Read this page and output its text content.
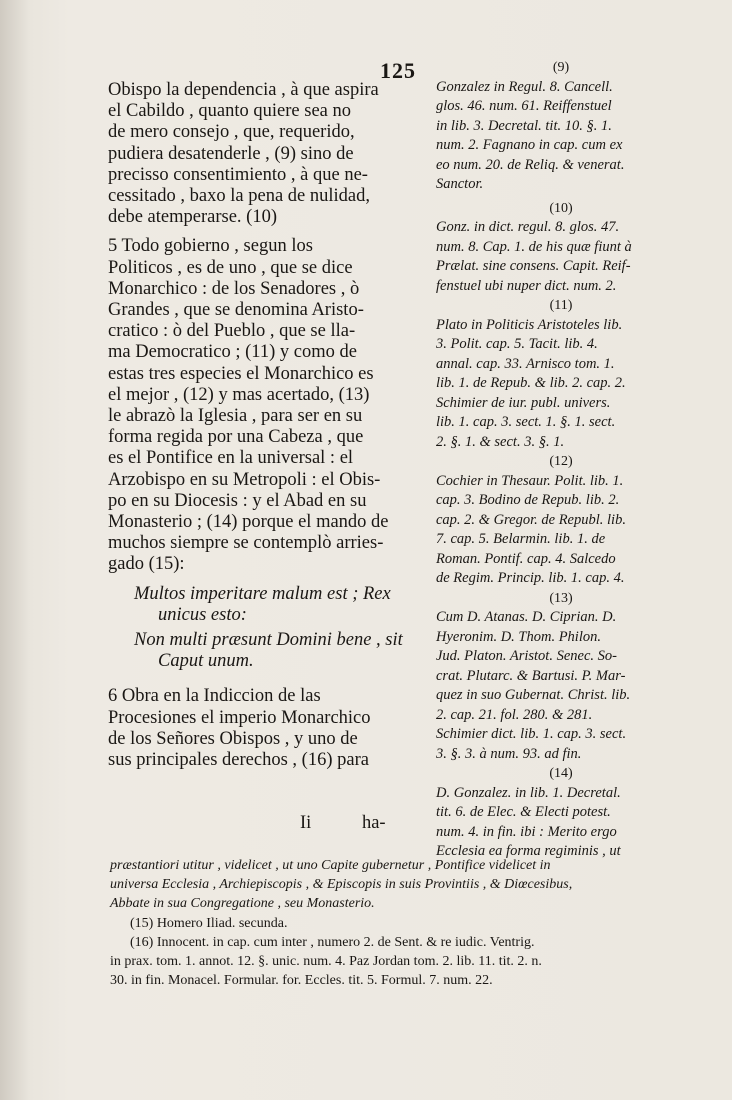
125

Obispo la dependencia , à que aspira
el Cabildo , quanto quiere sea no
de mero consejo , que, requerido,
pudiera desatenderle , (9) sino de
precisso consentimiento , à que ne-
cessitado , baxo la pena de nulidad,
debe atemperarse. (10)

5 Todo gobierno , segun los
Politicos , es de uno , que se dice
Monarchico : de los Senadores , ò
Grandes , que se denomina Aristo-
cratico : ò del Pueblo , que se lla-
ma Democratico ; (11) y como de
estas tres especies el Monarchico es
el mejor , (12) y mas acertado, (13)
le abrazò la Iglesia , para ser en su
forma regida por una Cabeza , que
es el Pontifice en la universal : el
Arzobispo en su Metropoli : el Obis-
po en su Diocesis : y el Abad en su
Monasterio ; (14) porque el mando de
muchos siempre se contemplò arries-
gado (15):

Multos imperitare malum est ; Rex
unicus esto:
Non multi præsunt Domini bene , sit
Caput unum.

6 Obra en la Indiccion de las
Procesiones el imperio Monarchico
de los Señores Obispos , y uno de
sus principales derechos , (16) para

Ii	ha-
(9)
Gonzalez in Regul. 8. Cancell.
glos. 46. num. 61. Reiffenstuel
in lib. 3. Decretal. tit. 10. §. 1.
num. 2. Fagnano in cap. cum ex
eo num. 20. de Reliq. & venerat.
Sanctor.
(10)
Gonz. in dict. regul. 8. glos. 47.
num. 8. Cap. 1. de his quæ fiunt à
Prælat. sine consens. Capit. Reif-
fenstuel ubi nuper dict. num. 2.
(11)
Plato in Politicis Aristoteles lib.
3. Polit. cap. 5. Tacit. lib. 4.
annal. cap. 33. Arnisco tom. 1.
lib. 1. de Repub. & lib. 2. cap. 2.
Schimier de iur. publ. univers.
lib. 1. cap. 3. sect. 1. §. 1. sect.
2. §. 1. & sect. 3. §. 1.
(12)
Cochier in Thesaur. Polit. lib. 1.
cap. 3. Bodino de Repub. lib. 2.
cap. 2. & Gregor. de Republ. lib.
7. cap. 5. Belarmin. lib. 1. de
Roman. Pontif. cap. 4. Salcedo
de Regim. Princip. lib. 1. cap. 4.
(13)
Cum D. Atanas. D. Ciprian. D.
Hyeronim. D. Thom. Philon.
Jud. Platon. Aristot. Senec. So-
crat. Plutarc. & Bartusi. P. Mar-
quez in suo Gubernat. Christ. lib.
2. cap. 21. fol. 280. & 281.
Schimier dict. lib. 1. cap. 3. sect.
3. §. 3. à num. 93. ad fin.
(14)
D. Gonzalez. in lib. 1. Decretal.
tit. 6. de Elec. & Electi potest.
num. 4. in fin. ibi : Merito ergo
Ecclesia ea forma regiminis , ut
præstantiori utitur , videlicet , ut uno Capite gubernetur , Pontifice videlicet in
universa Ecclesia , Archiepiscopis , & Episcopis in suis Provintiis , & Diœcesibus,
Abbate in sua Congregatione , seu Monasterio.
(15) Homero Iliad. secunda.
(16) Innocent. in cap. cum inter , numero 2. de Sent. & re iudic. Ventrig.
in prax. tom. 1. annot. 12. §. unic. num. 4. Paz Jordan tom. 2. lib. 11. tit. 2. n.
30. in fin. Monacel. Formular. for. Eccles. tit. 5. Formul. 7. num. 22.
